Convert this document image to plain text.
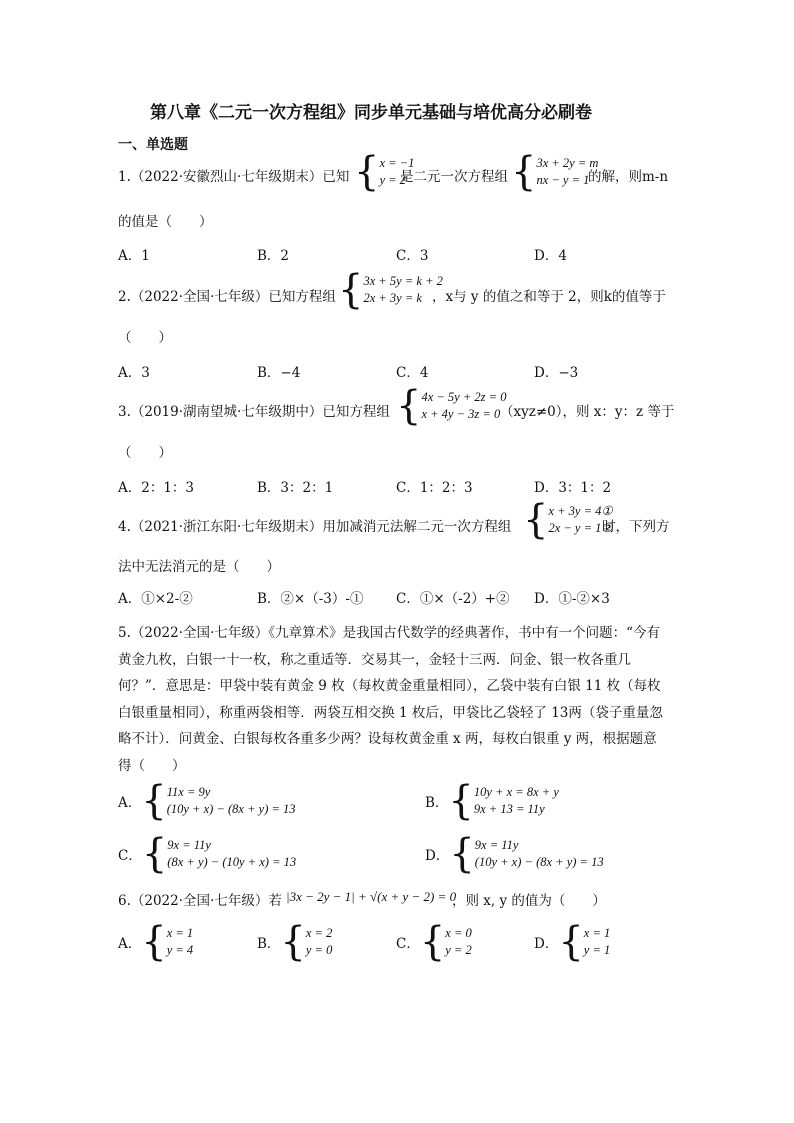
第八章《二元一次方程组》同步单元基础与培优高分必刷卷
一、单选题
1.（2022·安徽烈山·七年级期末）已知 { x = −1
y = 2
是二元一次方程组 { 3x + 2y = m
nx − y = 1
的解，则m-n
的值是（　　）
A．1	B．2	C．3	D．4
2.（2022·全国·七年级）已知方程组 { 3x + 5y = k + 2
2x + 3y = k ，x与 y 的值之和等于 2，则k的值等于
（　　）
A．3	B．−4	C．4	D．−3
3.（2019·湖南望城·七年级期中）已知方程组 { 4x − 5y + 2z = 0
x + 4y − 3z = 0 （xyz≠0），则 x：y：z 等于
（　　）
A．2：1：3	B．3：2：1	C．1：2：3	D．3：1：2
4.（2021·浙江东阳·七年级期末）用加减消元法解二元一次方程组 { x + 3y = 4①
2x − y = 1②
时，下列方
法中无法消元的是（　　）
A．①×2-②	B．②×（-3）-① C．①×（-2）+② D．①-②×3
5.（2022·全国·七年级）《九章算术》是我国古代数学的经典著作，书中有一个问题：“今有
黄金九枚，白银一十一枚，称之重适等．交易其一，金轻十三两．问金、银一枚各重几
何？”．意思是：甲袋中装有黄金 9 枚（每枚黄金重量相同），乙袋中装有白银 11 枚（每枚
白银重量相同），称重两袋相等．两袋互相交换 1 枚后，甲袋比乙袋轻了 13两（袋子重量忽
略不计）．问黄金、白银每枚各重多少两？设每枚黄金重 x 两，每枚白银重 y 两，根据题意
得（　　）
A． { 11x = 9y
(10y + x) − (8x + y) = 13	B． { 10y + x = 8x + y
9x + 13 = 11y
C． { 9x = 11y
(8x + y) − (10y + x) = 13	D． { 9x = 11y
(10y + x) − (8x + y) = 13
6.（2022·全国·七年级）若 |3x − 2y − 1| + √(x + y − 2) = 0
，则 x, y 的值为（　　）
A． { x = 1
y = 4	B． { x = 2
y = 0	C． { x = 0
y = 2	D． { x = 1
y = 1
